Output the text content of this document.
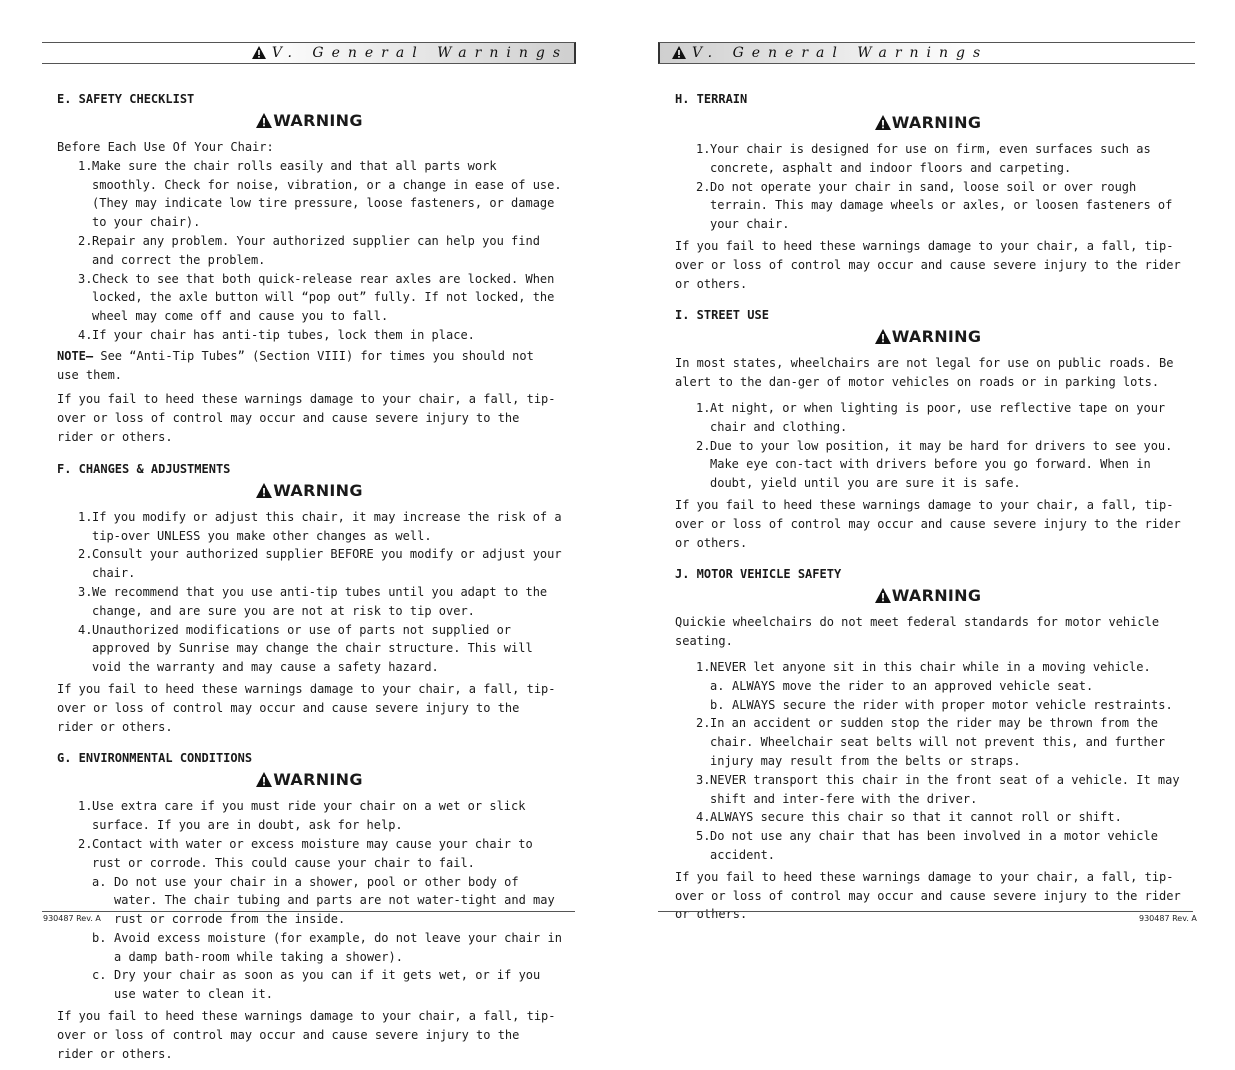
V. General Warnings
E. SAFETY CHECKLIST
WARNING

Before Each Use Of Your Chair:

1. Make sure the chair rolls easily and that all parts work smoothly. Check for noise, vibration, or a change in ease of use. (They may indicate low tire pressure, loose fasteners, or damage to your chair).
2. Repair any problem. Your authorized supplier can help you find and correct the problem.
3. Check to see that both quick-release rear axles are locked. When locked, the axle button will “pop out” fully. If not locked, the wheel may come off and cause you to fall.
4. If your chair has anti-tip tubes, lock them in place.

NOTE– See “Anti-Tip Tubes” (Section VIII) for times you should not use them.

If you fail to heed these warnings damage to your chair, a fall, tip-over or loss of control may occur and cause severe injury to the rider or others.

F. CHANGES & ADJUSTMENTS
WARNING
1. If you modify or adjust this chair, it may increase the risk of a tip-over UNLESS you make other changes as well.
2. Consult your authorized supplier BEFORE you modify or adjust your chair.
3. We recommend that you use anti-tip tubes until you adapt to the change, and are sure you are not at risk to tip over.
4. Unauthorized modifications or use of parts not supplied or approved by Sunrise may change the chair structure. This will void the warranty and may cause a safety hazard.

If you fail to heed these warnings damage to your chair, a fall, tip-over or loss of control may occur and cause severe injury to the rider or others.

G. ENVIRONMENTAL CONDITIONS
WARNING
1. Use extra care if you must ride your chair on a wet or slick surface. If you are in doubt, ask for help.
2. Contact with water or excess moisture may cause your chair to rust or corrode. This could cause your chair to fail.
a. Do not use your chair in a shower, pool or other body of water. The chair tubing and parts are not water-tight and may rust or corrode from the inside.
b. Avoid excess moisture (for example, do not leave your chair in a damp bath-room while taking a shower).
c. Dry your chair as soon as you can if it gets wet, or if you use water to clean it.

If you fail to heed these warnings damage to your chair, a fall, tip-over or loss of control may occur and cause severe injury to the rider or others.

930487 Rev. A
V. General Warnings
H. TERRAIN
WARNING
1. Your chair is designed for use on firm, even surfaces such as concrete, asphalt and indoor floors and carpeting.
2. Do not operate your chair in sand, loose soil or over rough terrain. This may damage wheels or axles, or loosen fasteners of your chair.

If you fail to heed these warnings damage to your chair, a fall, tip-over or loss of control may occur and cause severe injury to the rider or others.

I. STREET USE
WARNING

In most states, wheelchairs are not legal for use on public roads. Be alert to the dan-ger of motor vehicles on roads or in parking lots.

1. At night, or when lighting is poor, use reflective tape on your chair and clothing.
2. Due to your low position, it may be hard for drivers to see you. Make eye con-tact with drivers before you go forward. When in doubt, yield until you are sure it is safe.

If you fail to heed these warnings damage to your chair, a fall, tip-over or loss of control may occur and cause severe injury to the rider or others.

J. MOTOR VEHICLE SAFETY
WARNING

Quickie wheelchairs do not meet federal standards for motor vehicle seating.

1. NEVER let anyone sit in this chair while in a moving vehicle.
a. ALWAYS move the rider to an approved vehicle seat.
b. ALWAYS secure the rider with proper motor vehicle restraints.
2. In an accident or sudden stop the rider may be thrown from the chair. Wheelchair seat belts will not prevent this, and further injury may result from the belts or straps.
3. NEVER transport this chair in the front seat of a vehicle. It may shift and inter-fere with the driver.
4. ALWAYS secure this chair so that it cannot roll or shift.
5. Do not use any chair that has been involved in a motor vehicle accident.

If you fail to heed these warnings damage to your chair, a fall, tip-over or loss of control may occur and cause severe injury to the rider or others.	930487 Rev. A
